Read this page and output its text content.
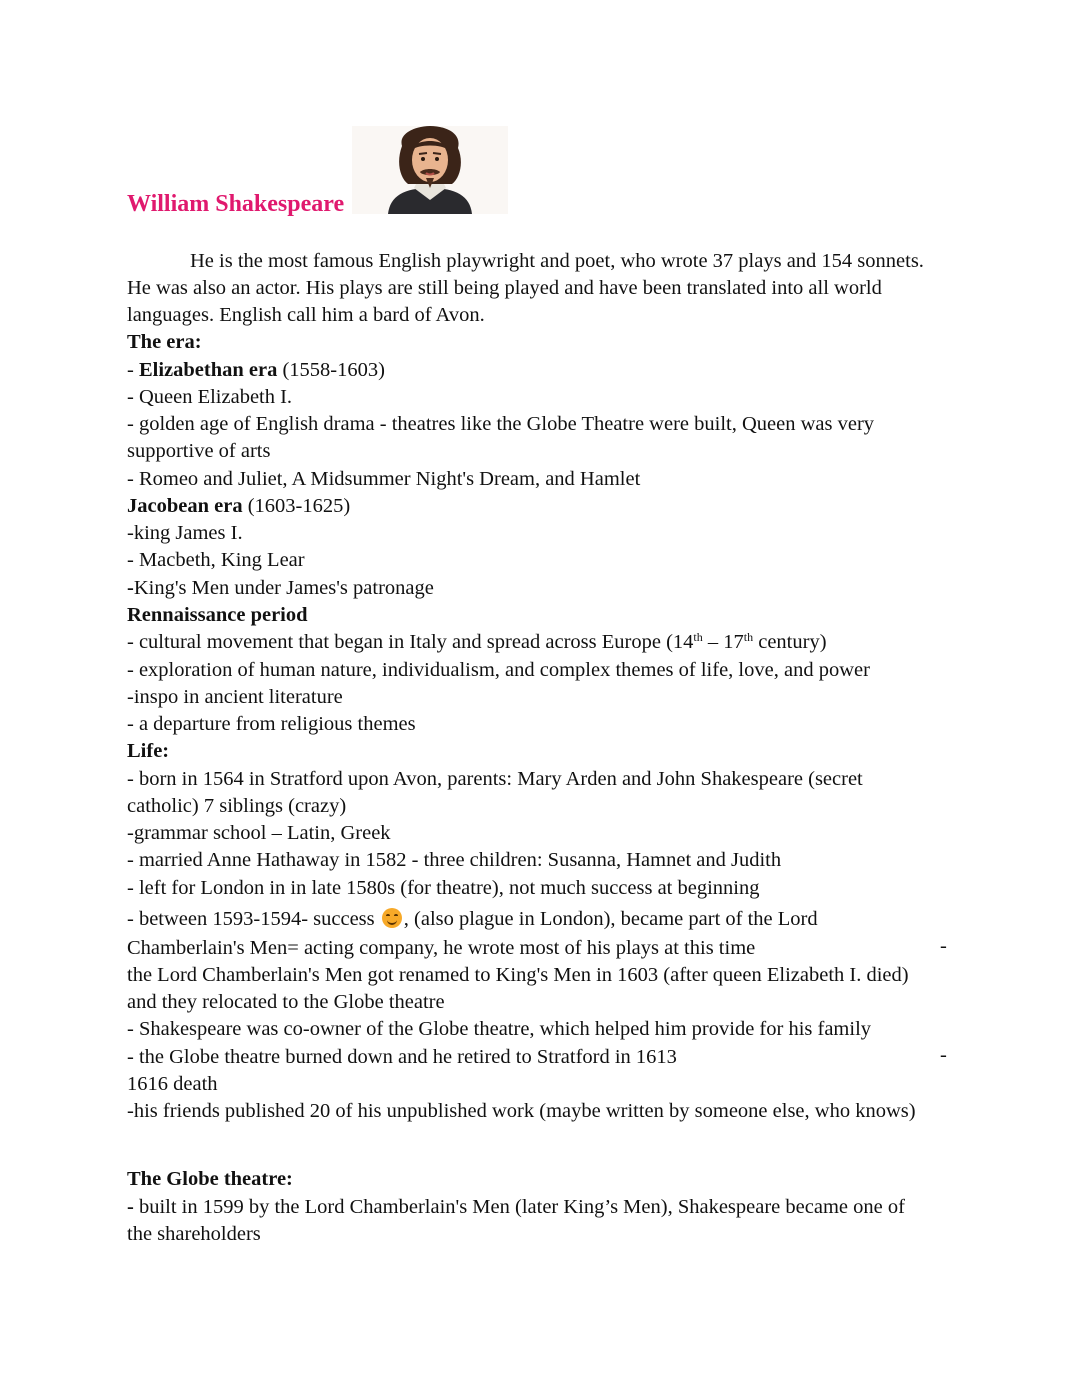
William Shakespeare
He is the most famous English playwright and poet, who wrote 37 plays and 154 sonnets.
He was also an actor. His plays are still being played and have been translated into all world
languages. English call him a bard of Avon.
The era:
- Elizabethan era (1558-1603)
- Queen Elizabeth I.
- golden age of English drama - theatres like the Globe Theatre were built, Queen was very
supportive of arts
- Romeo and Juliet, A Midsummer Night's Dream, and Hamlet
Jacobean era (1603-1625)
-king James I.
- Macbeth, King Lear
-King's Men under James's patronage
Rennaissance period
- cultural movement that began in Italy and spread across Europe (14th – 17th century)
- exploration of human nature, individualism, and complex themes of life, love, and power
-inspo in ancient literature
- a departure from religious themes
Life:
- born in 1564 in Stratford upon Avon, parents: Mary Arden and John Shakespeare (secret
catholic) 7 siblings (crazy)
-grammar school – Latin, Greek
- married Anne Hathaway in 1582 - three children: Susanna, Hamnet and Judith
- left for London in in late 1580s (for theatre), not much success at beginning
- between 1593-1594- success , (also plague in London), became part of the Lord
Chamberlain's Men= acting company, he wrote most of his plays at this time	-
the Lord Chamberlain's Men got renamed to King's Men in 1603 (after queen Elizabeth I. died)
and they relocated to the Globe theatre
- Shakespeare was co-owner of the Globe theatre, which helped him provide for his family
- the Globe theatre burned down and he retired to Stratford in 1613	-
1616 death
-his friends published 20 of his unpublished work (maybe written by someone else, who knows)
The Globe theatre:
- built in 1599 by the Lord Chamberlain's Men (later King’s Men), Shakespeare became one of
the shareholders
